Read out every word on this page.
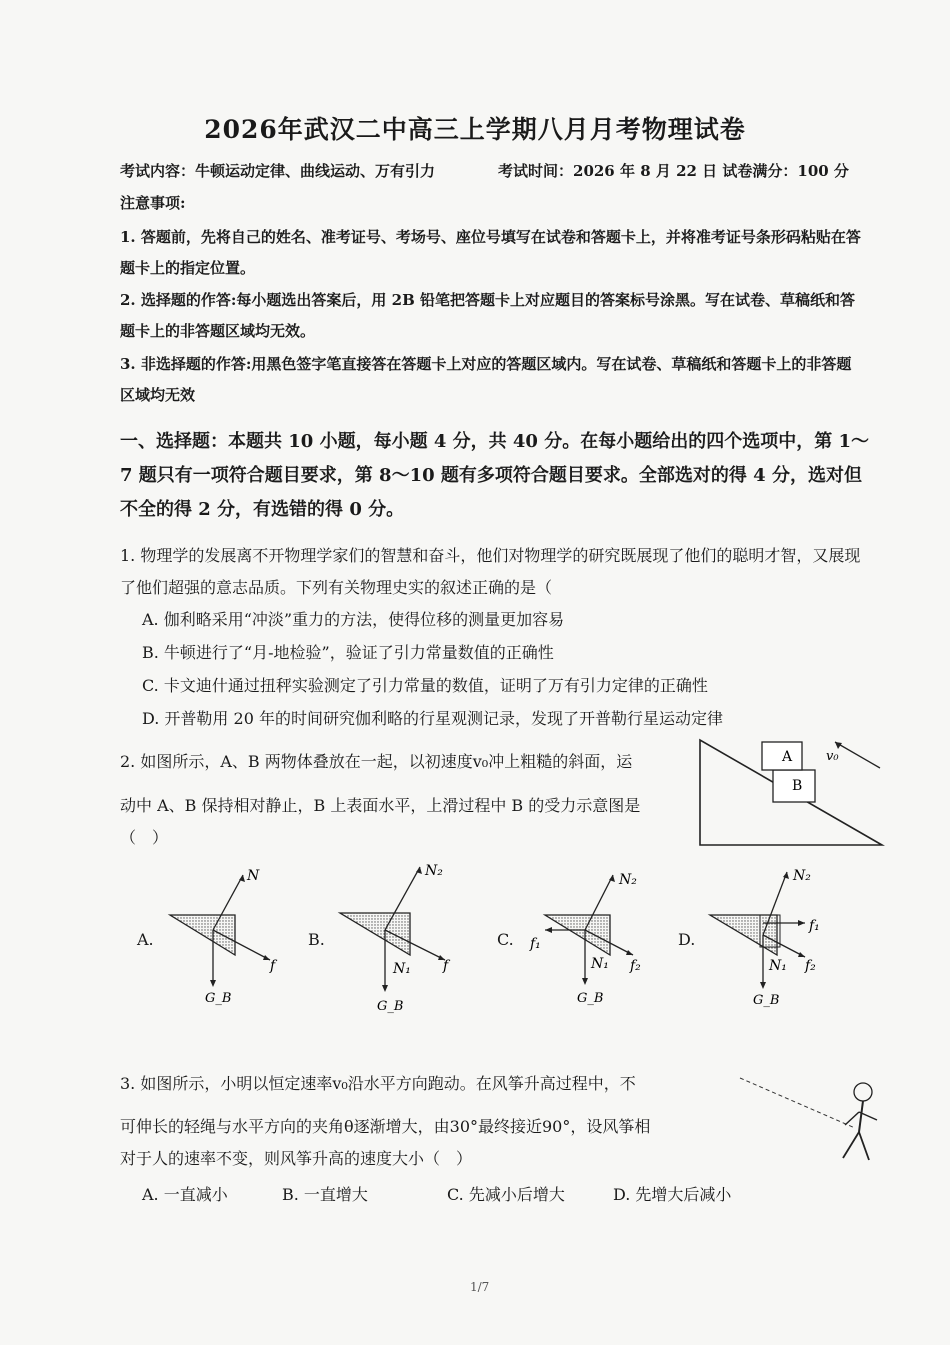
2026年武汉二中高三上学期八月月考物理试卷
考试内容：牛顿运动定律、曲线运动、万有引力	考试时间：2026 年 8 月 22 日 试卷满分：100 分
注意事项:
1. 答题前，先将自己的姓名、准考证号、考场号、座位号填写在试卷和答题卡上，并将准考证号条形码粘贴在答题卡上的指定位置。
2. 选择题的作答:每小题选出答案后，用 2B 铅笔把答题卡上对应题目的答案标号涂黑。写在试卷、草稿纸和答题卡上的非答题区域均无效。
3. 非选择题的作答:用黑色签字笔直接答在答题卡上对应的答题区域内。写在试卷、草稿纸和答题卡上的非答题区域均无效
一、选择题：本题共 10 小题，每小题 4 分，共 40 分。在每小题给出的四个选项中，第 1～7 题只有一项符合题目要求，第 8～10 题有多项符合题目要求。全部选对的得 4 分，选对但不全的得 2 分，有选错的得 0 分。
1. 物理学的发展离不开物理学家们的智慧和奋斗，他们对物理学的研究既展现了他们的聪明才智，又展现了他们超强的意志品质。下列有关物理史实的叙述正确的是（
A. 伽利略采用“冲淡”重力的方法，使得位移的测量更加容易
B. 牛顿进行了“月-地检验”，验证了引力常量数值的正确性
C. 卡文迪什通过扭秤实验测定了引力常量的数值，证明了万有引力定律的正确性
D. 开普勒用 20 年的时间研究伽利略的行星观测记录，发现了开普勒行星运动定律
2. 如图所示，A、B 两物体叠放在一起，以初速度v₀冲上粗糙的斜面，运
动中 A、B 保持相对静止，B 上表面水平，上滑过程中 B 的受力示意图是
（　）
A
B
v₀
A.
N
f
G_B
B.
N₂
N₁ f
G_B
C.
N₂
N₁
f₁
f₂
G_B
D.
N₂
N₁
f₁
f₂
G_B
3. 如图所示，小明以恒定速率v₀沿水平方向跑动。在风筝升高过程中，不
可伸长的轻绳与水平方向的夹角θ逐渐增大，由30°最终接近90°，设风筝相
对于人的速率不变，则风筝升高的速度大小（　）
A. 一直减小	B. 一直增大	C. 先减小后增大	D. 先增大后减小
1/7
